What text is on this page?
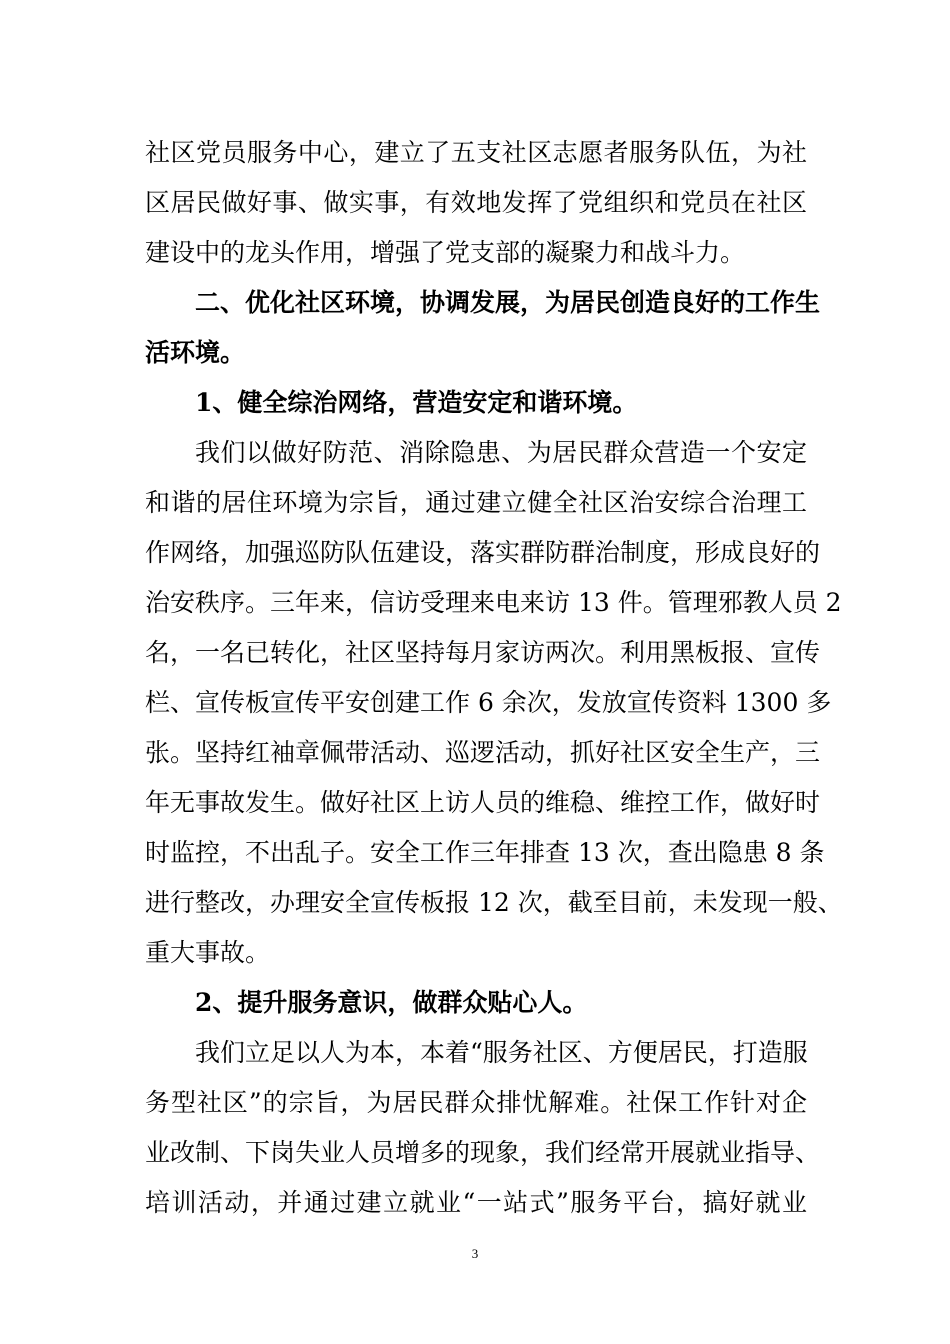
社区党员服务中心，建立了五支社区志愿者服务队伍，为社
区居民做好事、做实事，有效地发挥了党组织和党员在社区
建设中的龙头作用，增强了党支部的凝聚力和战斗力。
二、优化社区环境，协调发展，为居民创造良好的工作生
活环境。
1、健全综治网络，营造安定和谐环境。
我们以做好防范、消除隐患、为居民群众营造一个安定
和谐的居住环境为宗旨，通过建立健全社区治安综合治理工
作网络，加强巡防队伍建设，落实群防群治制度，形成良好的
治安秩序。三年来，信访受理来电来访 13 件。管理邪教人员 2
名，一名已转化，社区坚持每月家访两次。利用黑板报、宣传
栏、宣传板宣传平安创建工作 6 余次，发放宣传资料 1300 多
张。坚持红袖章佩带活动、巡逻活动，抓好社区安全生产，三
年无事故发生。做好社区上访人员的维稳、维控工作，做好时
时监控，不出乱子。安全工作三年排查 13 次，查出隐患 8 条
进行整改，办理安全宣传板报 12 次，截至目前，未发现一般、
重大事故。
2、提升服务意识，做群众贴心人。
我们立足以人为本，本着“服务社区、方便居民，打造服
务型社区”的宗旨，为居民群众排忧解难。社保工作针对企
业改制、下岗失业人员增多的现象，我们经常开展就业指导、
培训活动，并通过建立就业“一站式”服务平台，搞好就业
3
